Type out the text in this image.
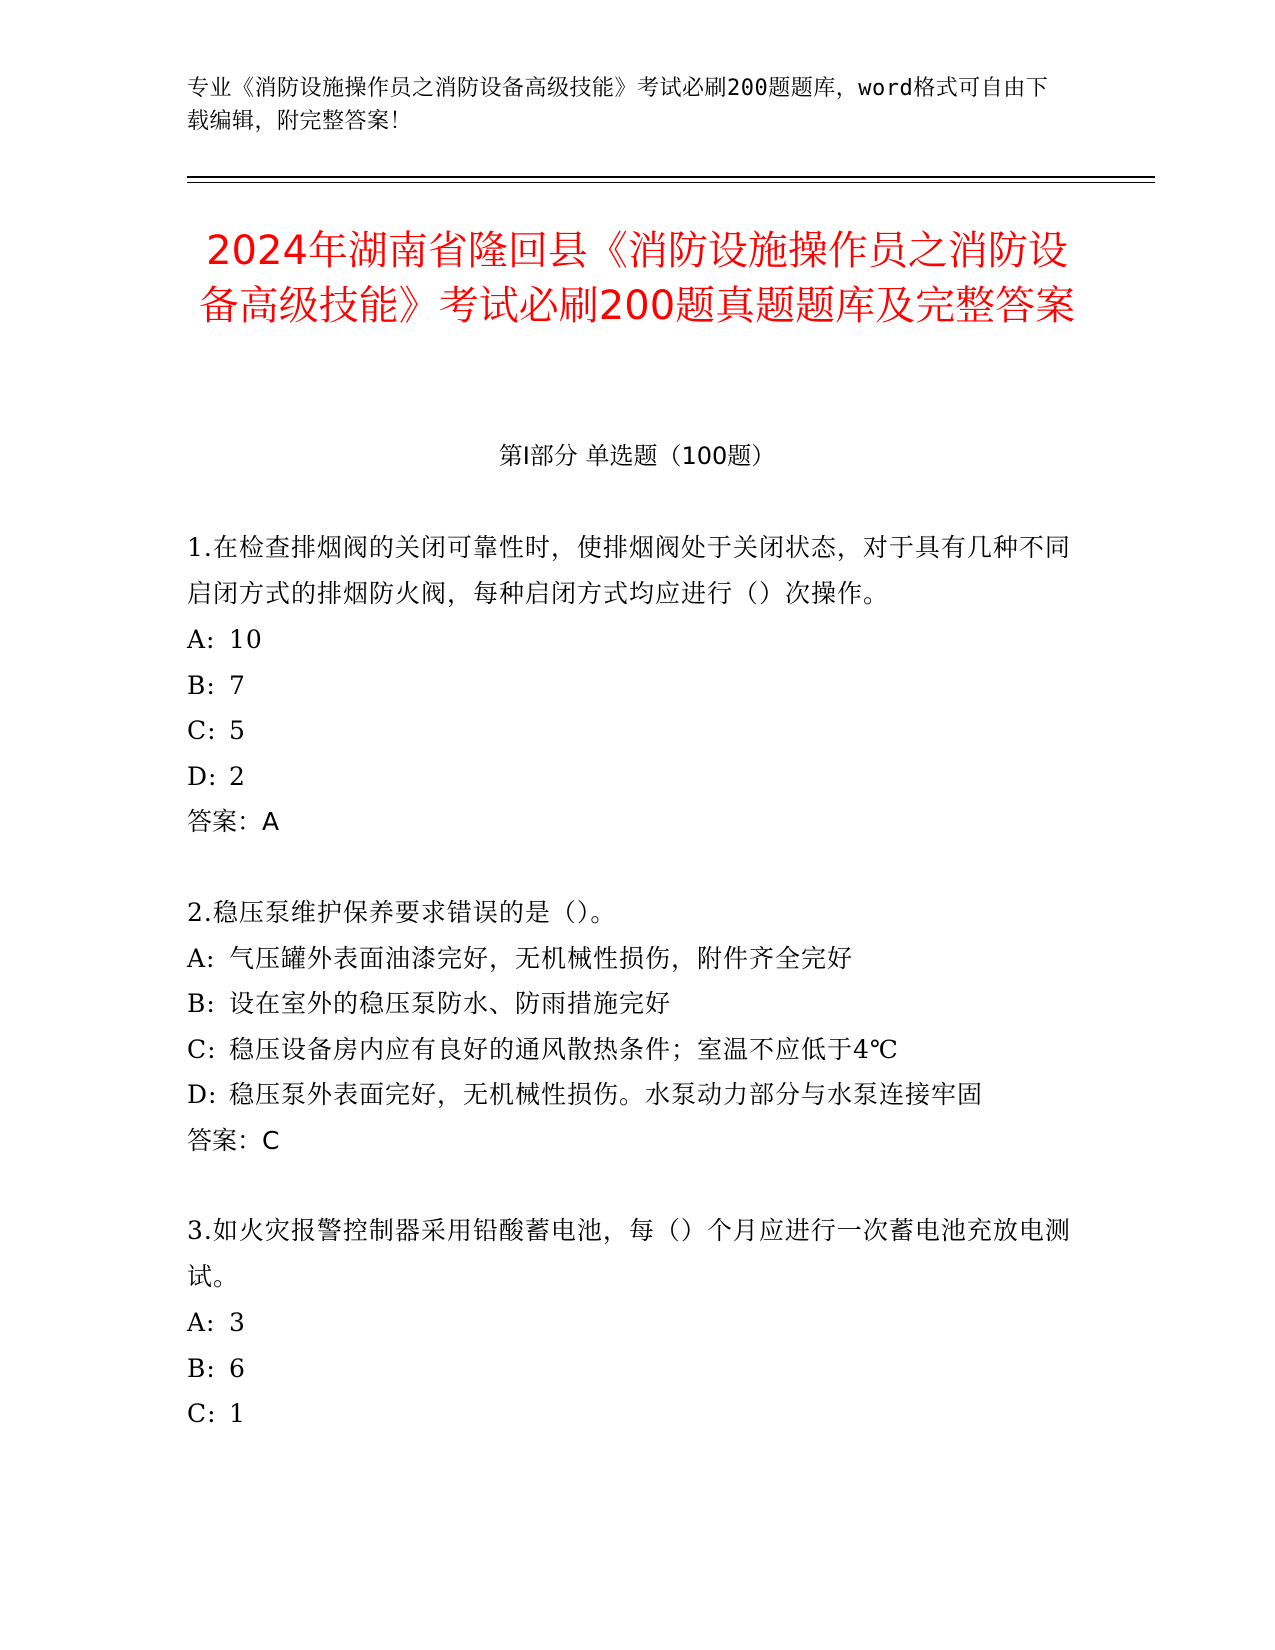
专业《消防设施操作员之消防设备高级技能》考试必刷200题题库，word格式可自由下载编辑，附完整答案！
2024年湖南省隆回县《消防设施操作员之消防设备高级技能》考试必刷200题真题题库及完整答案
第I部分 单选题（100题）
1.在检查排烟阀的关闭可靠性时，使排烟阀处于关闭状态，对于具有几种不同启闭方式的排烟防火阀，每种启闭方式均应进行（）次操作。
A: 10
B: 7
C: 5
D: 2
答案：A
2.稳压泵维护保养要求错误的是（）。
A: 气压罐外表面油漆完好，无机械性损伤，附件齐全完好
B: 设在室外的稳压泵防水、防雨措施完好
C: 稳压设备房内应有良好的通风散热条件；室温不应低于4℃
D: 稳压泵外表面完好，无机械性损伤。水泵动力部分与水泵连接牢固
答案：C
3.如火灾报警控制器采用铅酸蓄电池，每（）个月应进行一次蓄电池充放电测试。
A: 3
B: 6
C: 1
